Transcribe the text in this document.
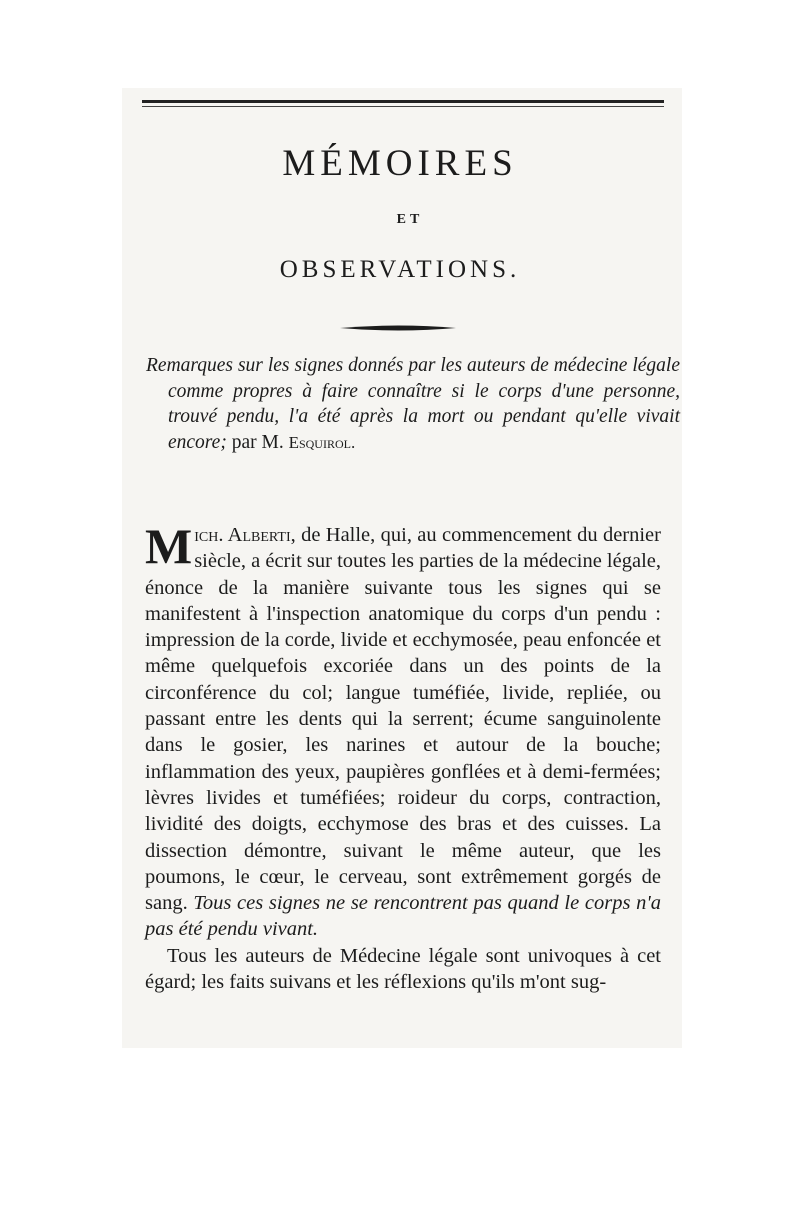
MÉMOIRES
ET
OBSERVATIONS.
Remarques sur les signes donnés par les auteurs de médecine légale comme propres à faire connaître si le corps d'une personne, trouvé pendu, l'a été après la mort ou pendant qu'elle vivait encore; par M. Esquirol.

Mich. Alberti, de Halle, qui, au commencement du dernier siècle, a écrit sur toutes les parties de la médecine légale, énonce de la manière suivante tous les signes qui se manifestent à l'inspection anatomique du corps d'un pendu : impression de la corde, livide et ecchymosée, peau enfoncée et même quelquefois excoriée dans un des points de la circonférence du col; langue tuméfiée, livide, repliée, ou passant entre les dents qui la serrent; écume sanguinolente dans le gosier, les narines et autour de la bouche; inflammation des yeux, paupières gonflées et à demi-fermées; lèvres livides et tuméfiées; roideur du corps, contraction, lividité des doigts, ecchymose des bras et des cuisses. La dissection démontre, suivant le même auteur, que les poumons, le cœur, le cerveau, sont extrêmement gorgés de sang. Tous ces signes ne se rencontrent pas quand le corps n'a pas été pendu vivant.

Tous les auteurs de Médecine légale sont univoques à cet égard; les faits suivans et les réflexions qu'ils m'ont sug-
